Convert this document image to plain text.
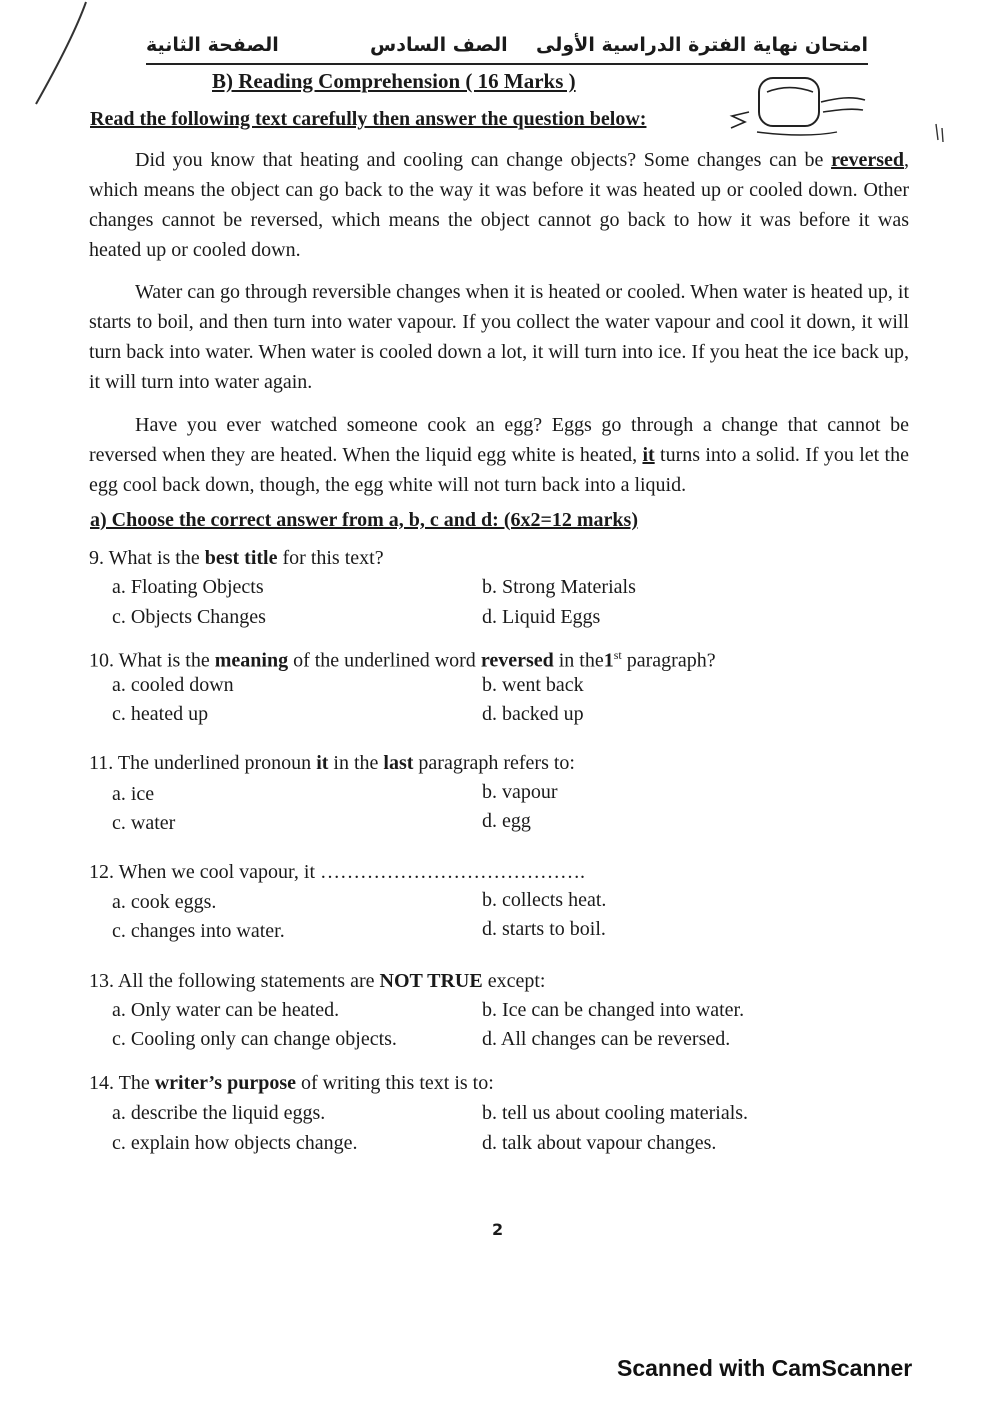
امتحان نهاية الفترة الدراسية الأولى
الصف السادس
الصفحة الثانية
B) Reading Comprehension ( 16 Marks )
Read the following text carefully then answer the question below:

Did you know that heating and cooling can change objects? Some changes can be reversed, which means the object can go back to the way it was before it was heated up or cooled down. Other changes cannot be reversed, which means the object cannot go back to how it was before it was heated up or cooled down.

Water can go through reversible changes when it is heated or cooled. When water is heated up, it starts to boil, and then turn into water vapour. If you collect the water vapour and cool it down, it will turn back into water. When water is cooled down a lot, it will turn into ice. If you heat the ice back up, it will turn into water again.

Have you ever watched someone cook an egg? Eggs go through a change that cannot be reversed when they are heated. When the liquid egg white is heated, it turns into a solid. If you let the egg cool back down, though, the egg white will not turn back into a liquid.

a) Choose the correct answer from a, b, c and d: (6x2=12 marks)
9. What is the best title for this text?
a. Floating Objects	b. Strong Materials
c. Objects Changes	d. Liquid Eggs
10. What is the meaning of the underlined word reversed in the1st paragraph?
a. cooled down	b. went back
c. heated up	d. backed up
11. The underlined pronoun it in the last paragraph refers to:
a. ice	b. vapour
c. water	d. egg
12. When we cool vapour, it ………………………………….
a. cook eggs.	b. collects heat.
c. changes into water.	d. starts to boil.
13. All the following statements are NOT TRUE except:
a. Only water can be heated.	b. Ice can be changed into water.
c. Cooling only can change objects.	d. All changes can be reversed.
14. The writer’s purpose of writing this text is to:
a. describe the liquid eggs.	b. tell us about cooling materials.
c. explain how objects change.	d. talk about vapour changes.
2
Scanned with CamScanner
